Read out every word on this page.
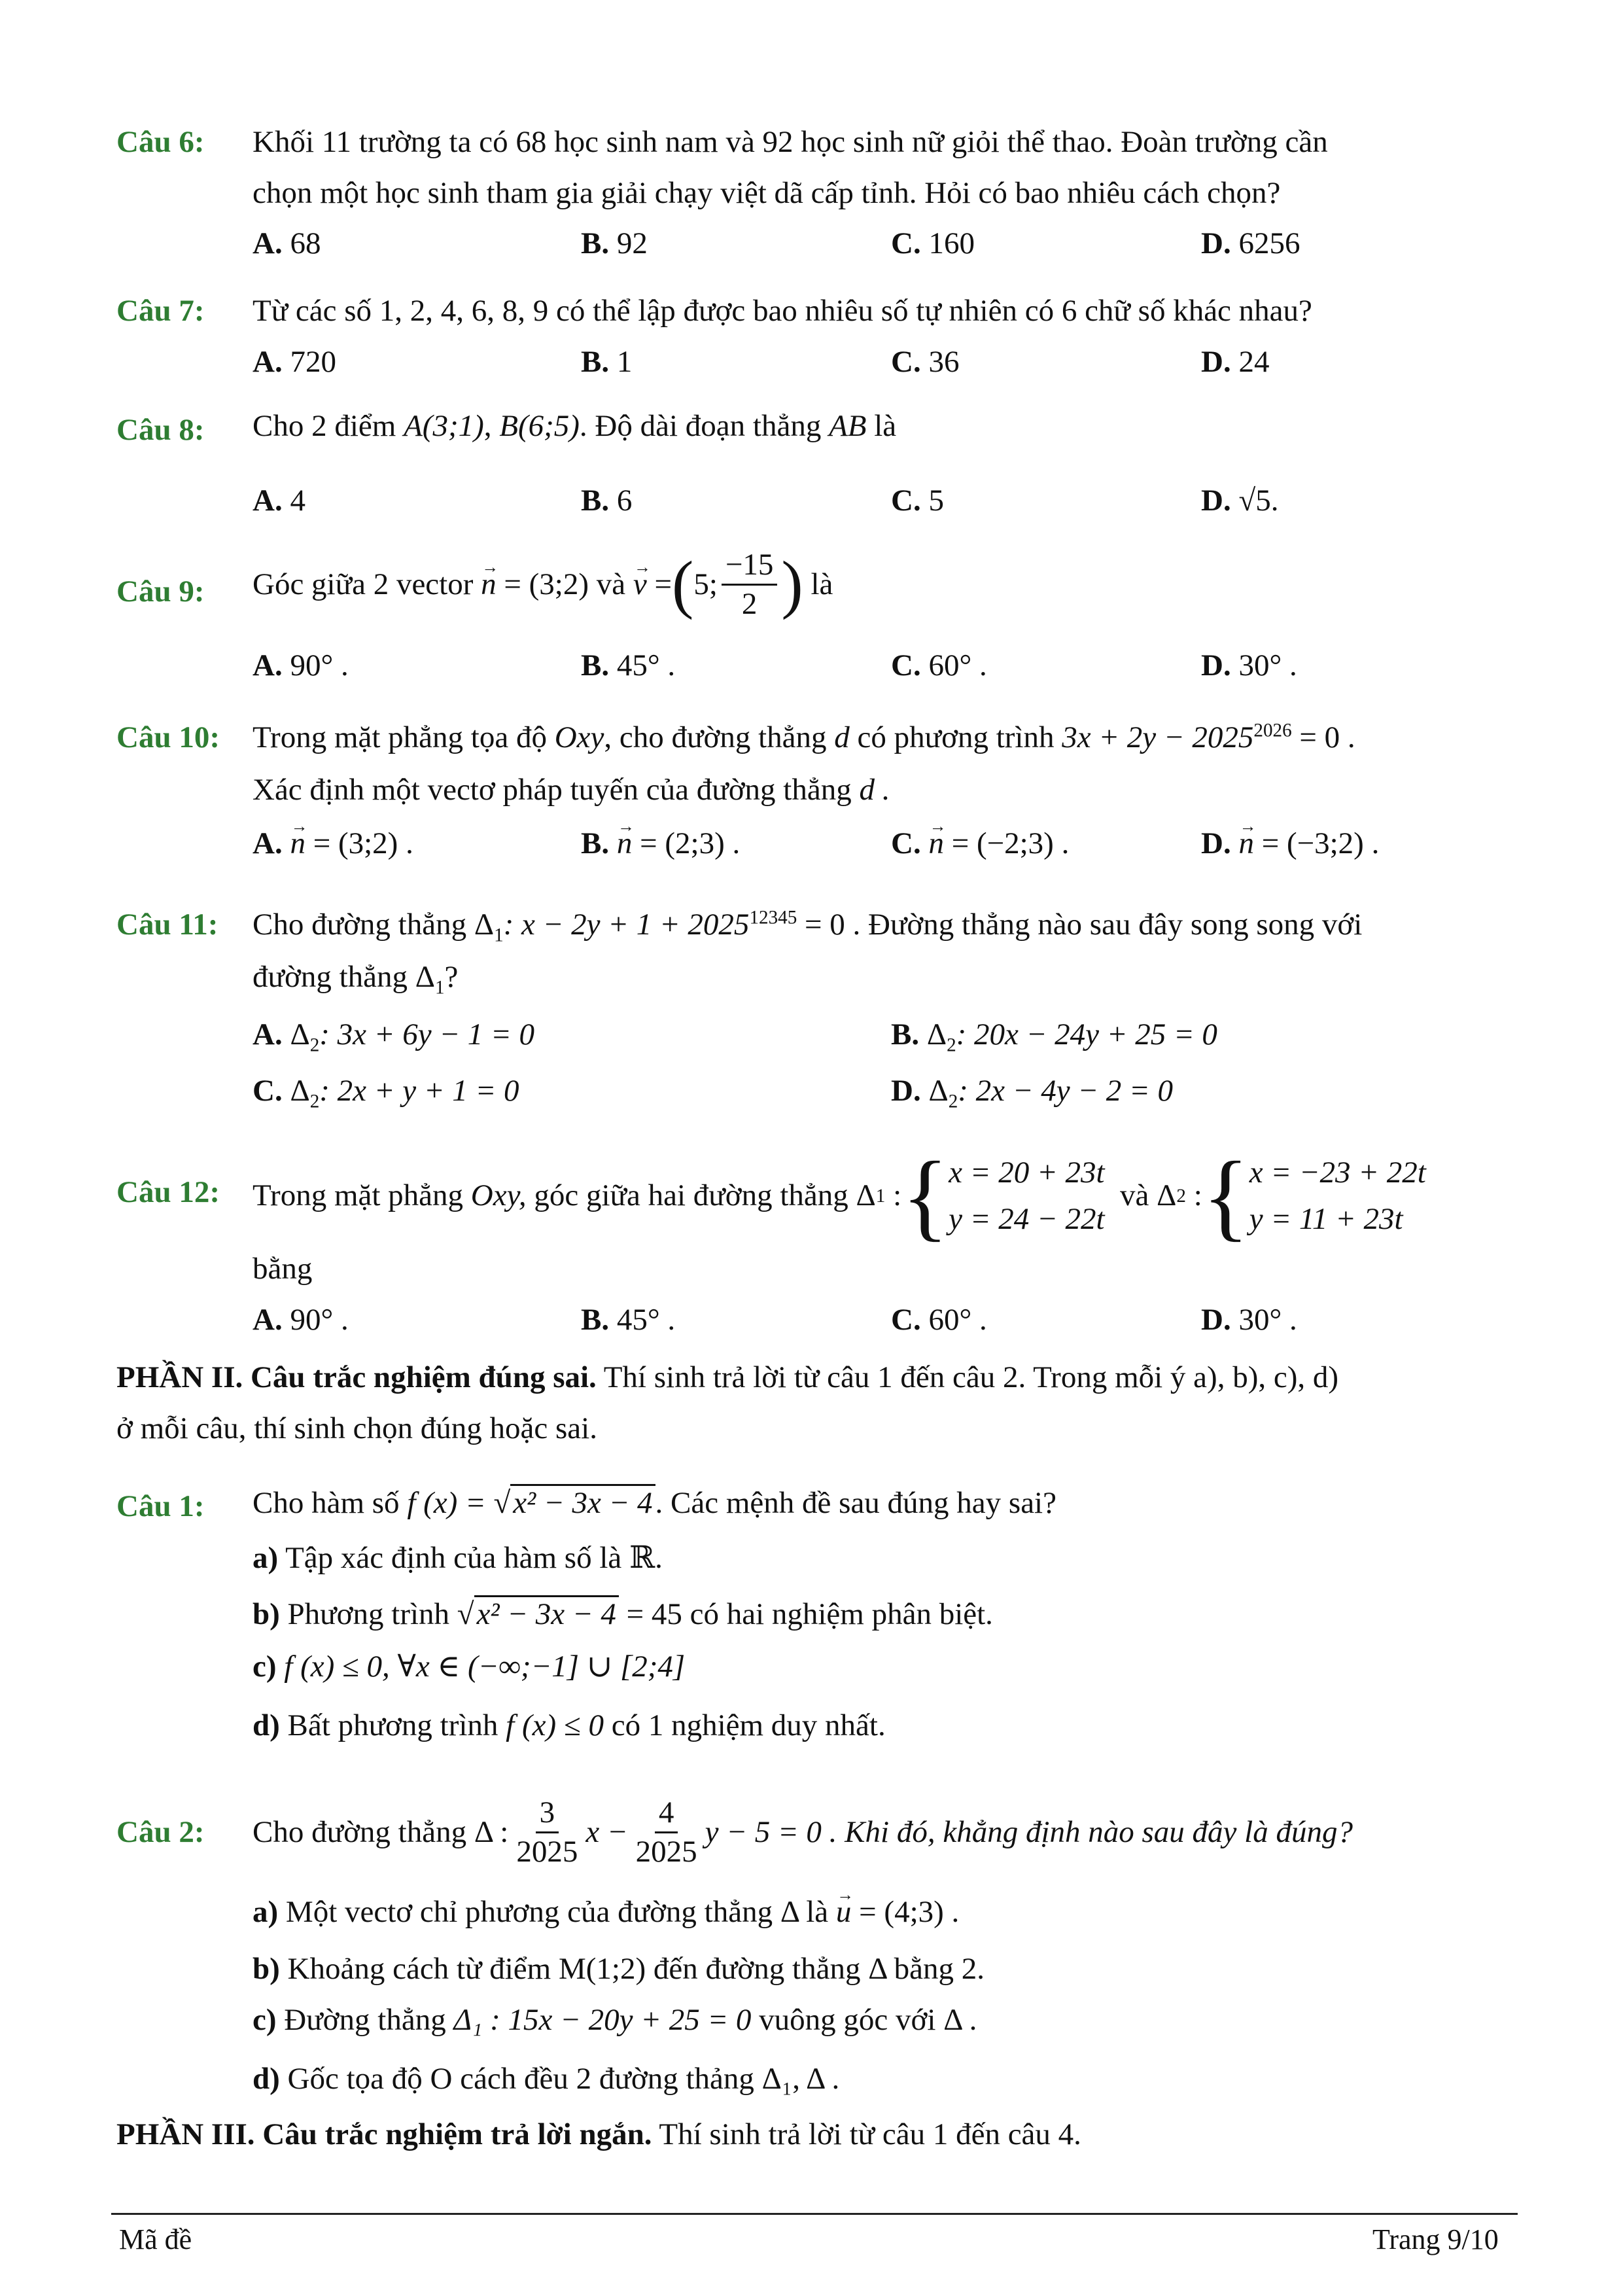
Câu 6: Khối 11 trường ta có 68 học sinh nam và 92 học sinh nữ giỏi thể thao. Đoàn trường cần
chọn một học sinh tham gia giải chạy việt dã cấp tỉnh. Hỏi có bao nhiêu cách chọn?
A. 68	B. 92	C. 160	D. 6256
Câu 7: Từ các số 1, 2, 4, 6, 8, 9 có thể lập được bao nhiêu số tự nhiên có 6 chữ số khác nhau?
A. 720	B. 1	C. 36	D. 24
Câu 8: Cho 2 điểm A(3;1), B(6;5). Độ dài đoạn thẳng AB là
A. 4	B. 6	C. 5	D. √5.
Câu 9: Góc giữa 2 vector
→ n
= (3;2)
và
→ v
= ( 5; $\frac{-15}{2}$ )
là
A. 90° .	B. 45° .	C. 60° .	D. 30° .
Câu 10: Trong mặt phẳng tọa độ Oxy, cho đường thẳng d có phương trình $3x + 2y - 2025^{2026} = 0$ .
Xác định một vectơ pháp tuyến của đường thẳng d .
A. → n = (3;2) .	B. → n = (2;3) .	C. → n = (−2;3) .	D. → n = (−3;2) .
Câu 11: Cho đường thẳng $\Delta_1$: $x - 2y + 1 + 2025^{12345} = 0$ . Đường thẳng nào sau đây song song với
đường thẳng $\Delta_1$?
A. $\Delta_2$: 3x + 6y − 1 = 0	B. $\Delta_2$: 20x − 24y + 25 = 0
C. $\Delta_2$: 2x + y + 1 = 0	D. $\Delta_2$: 2x − 4y − 2 = 0
Câu 12: Trong mặt phẳng
Oxy,
góc giữa hai đường thẳng
Δ 1
: { x = 20 + 23t
y = 24 − 22t

và
Δ 2
: { x = −23 + 22t
y = 11 + 23t
bằng
A. 90° .	B. 45° .	C. 60° .	D. 30° .
PHẦN II. Câu trắc nghiệm đúng sai. Thí sinh trả lời từ câu 1 đến câu 2. Trong mỗi ý a), b), c), d)
ở mỗi câu, thí sinh chọn đúng hoặc sai.
Câu 1: Cho hàm số f (x) = √x² − 3x − 4. Các mệnh đề sau đúng hay sai?
a) Tập xác định của hàm số là ℝ.
b) Phương trình √x² − 3x − 4 = 45 có hai nghiệm phân biệt.
c) f (x) ≤ 0, ∀x ∈ (−∞;−1] ∪ [2;4]
d) Bất phương trình f (x) ≤ 0 có 1 nghiệm duy nhất.
Câu 2: Cho đường thẳng
Δ : $\frac{3}{2025}$ $x - \frac{4}{2025}$ y − 5 = 0 . Khi đó, khẳng định nào sau đây là đúng?
a) Một vectơ chỉ phương của đường thẳng Δ là → u = (4;3) .
b) Khoảng cách từ điểm M(1;2) đến đường thẳng Δ bằng 2.
c) Đường thẳng Δ₁ : 15x − 20y + 25 = 0 vuông góc với Δ .
d) Gốc tọa độ O cách đều 2 đường thảng Δ₁, Δ .
PHẦN III. Câu trắc nghiệm trả lời ngắn. Thí sinh trả lời từ câu 1 đến câu 4.
Mã đề	Trang 9/10
